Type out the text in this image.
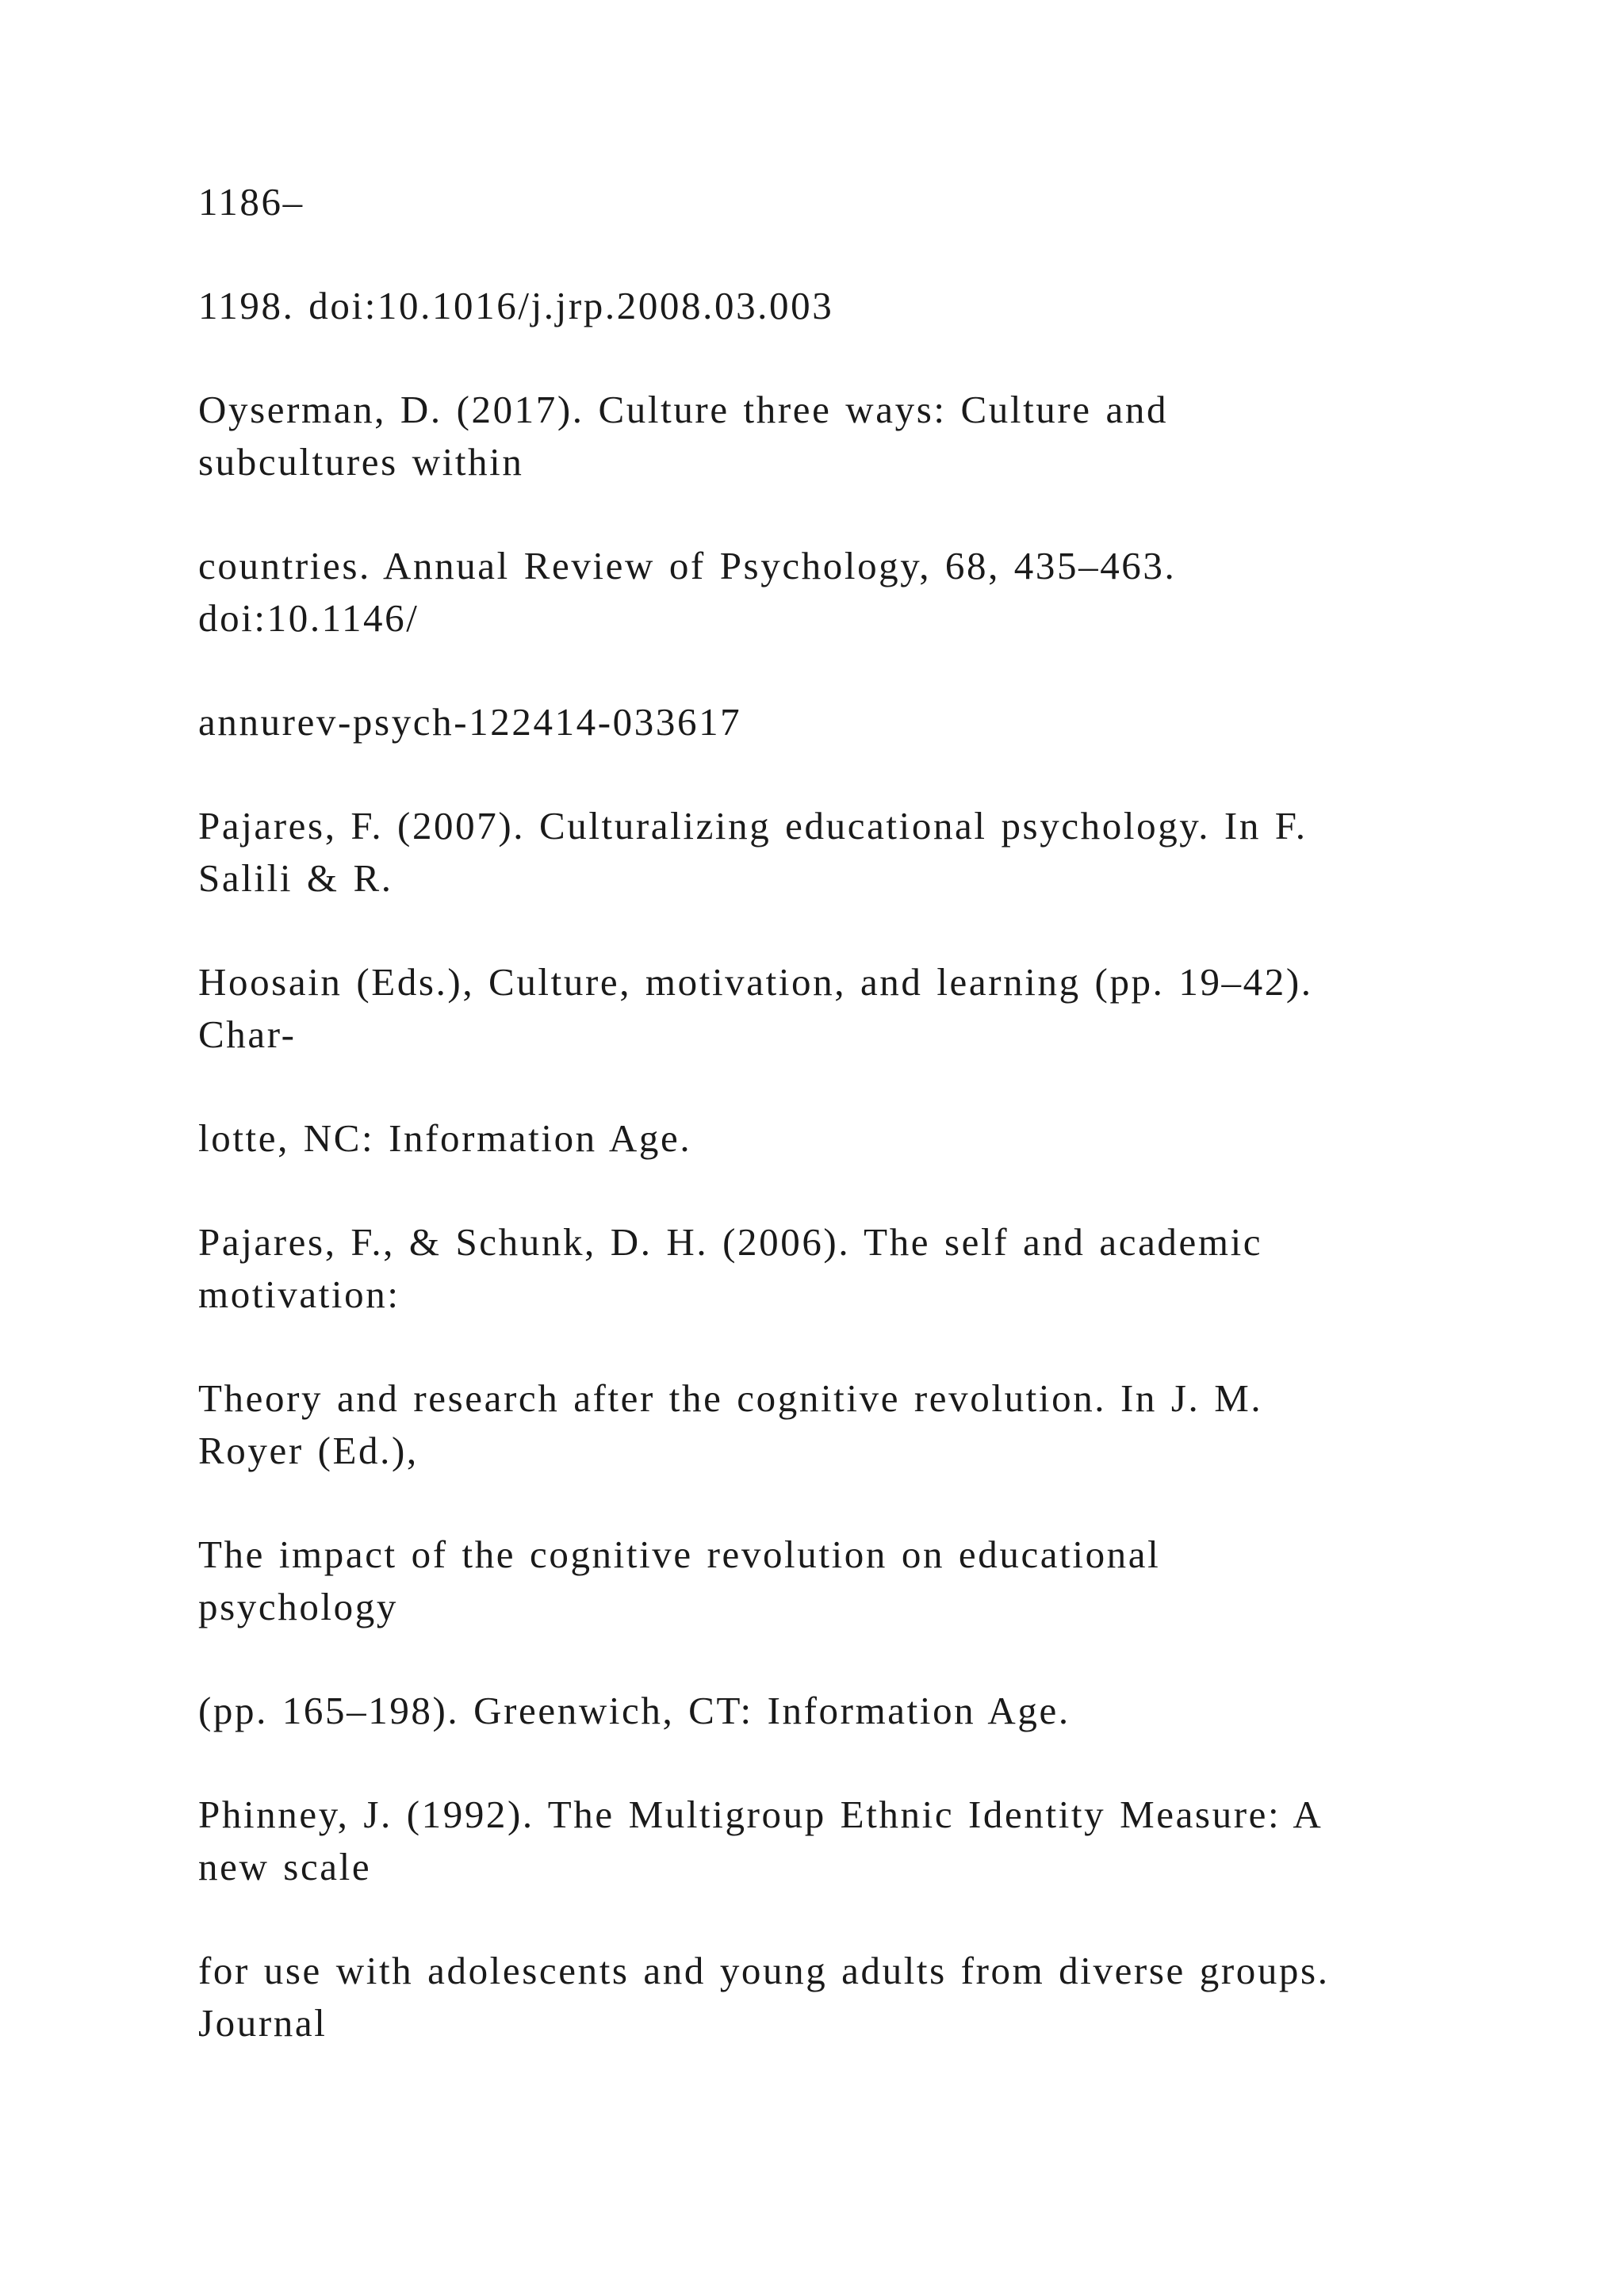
1186–

1198. doi:10.1016/j.jrp.2008.03.003

Oyserman, D. (2017). Culture three ways: Culture and
subcultures within

countries. Annual Review of Psychology, 68, 435–463.
doi:10.1146/

annurev-psych-122414-033617

Pajares, F. (2007). Culturalizing educational psychology. In F.
Salili & R.

Hoosain (Eds.), Culture, motivation, and learning (pp. 19–42).
Char-

lotte, NC: Information Age.

Pajares, F., & Schunk, D. H. (2006). The self and academic
motivation:

Theory and research after the cognitive revolution. In J. M.
Royer (Ed.),

The impact of the cognitive revolution on educational
psychology

(pp. 165–198). Greenwich, CT: Information Age.

Phinney, J. (1992). The Multigroup Ethnic Identity Measure: A
new scale

for use with adolescents and young adults from diverse groups.
Journal
